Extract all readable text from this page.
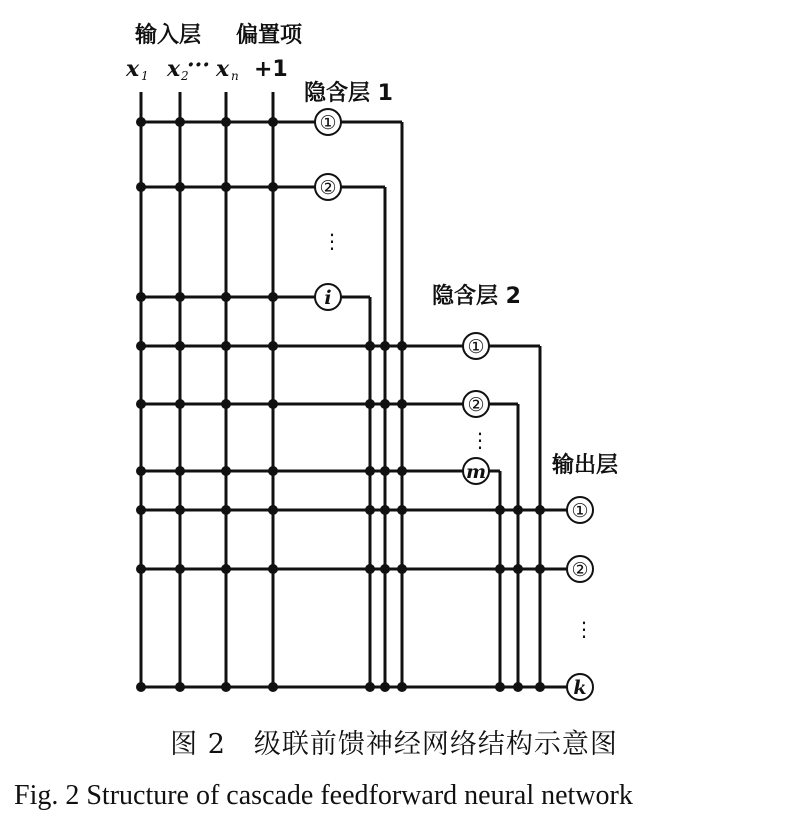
输入层 偏置项
x 1 x 2
··· x n +1
隐含层 1
隐含层 2
输出层
⋮
⋮
⋮
①
②
i
①
②
m
①
②
k
图 2　级联前馈神经网络结构示意图
Fig. 2 Structure of cascade feedforward neural network
